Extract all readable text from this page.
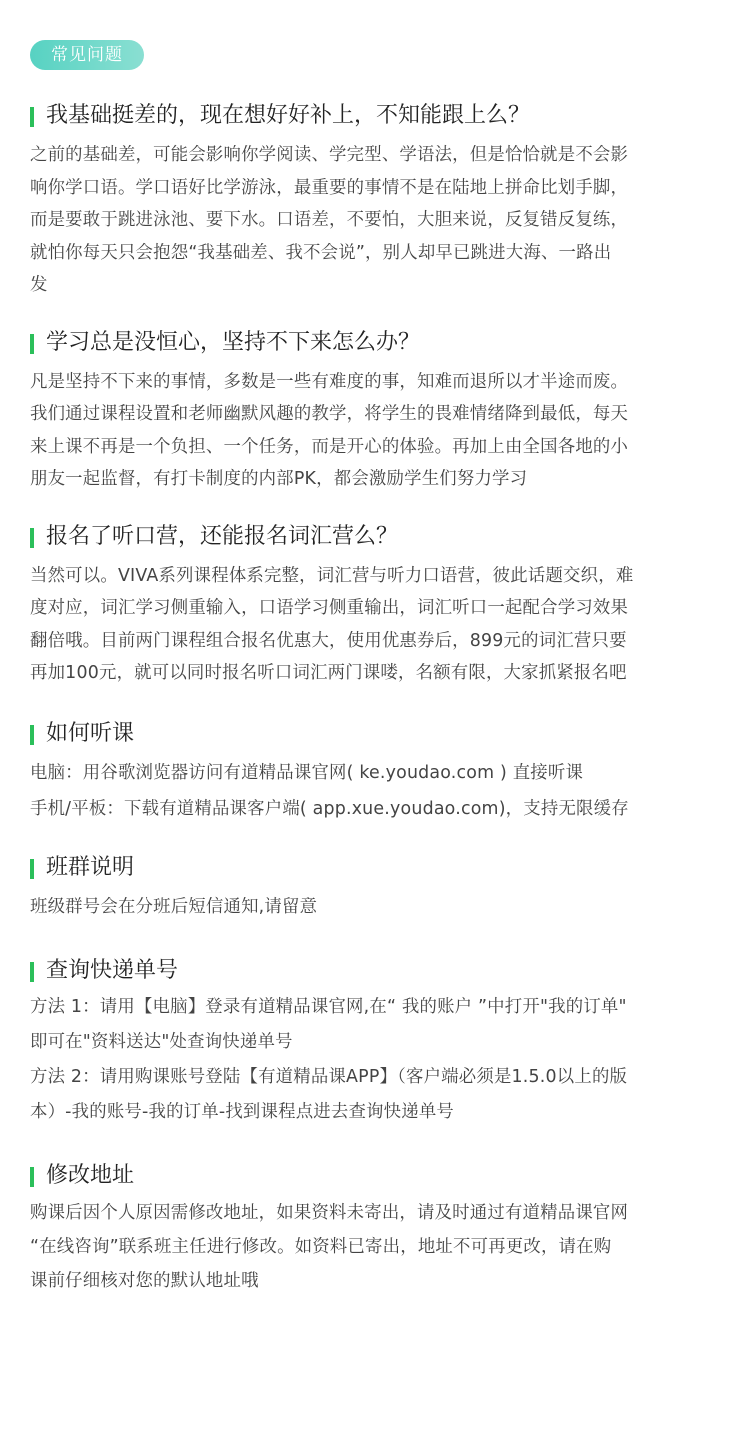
常见问题
我基础挺差的，现在想好好补上，不知能跟上么？

之前的基础差，可能会影响你学阅读、学完型、学语法，但是恰恰就是不会影
响你学口语。学口语好比学游泳，最重要的事情不是在陆地上拼命比划手脚，
而是要敢于跳进泳池、要下水。口语差，不要怕，大胆来说，反复错反复练，
就怕你每天只会抱怨“我基础差、我不会说”，别人却早已跳进大海、一路出
发

学习总是没恒心，坚持不下来怎么办？

凡是坚持不下来的事情，多数是一些有难度的事，知难而退所以才半途而废。
我们通过课程设置和老师幽默风趣的教学，将学生的畏难情绪降到最低，每天
来上课不再是一个负担、一个任务，而是开心的体验。再加上由全国各地的小
朋友一起监督，有打卡制度的内部PK，都会激励学生们努力学习

报名了听口营，还能报名词汇营么？

当然可以。VIVA系列课程体系完整，词汇营与听力口语营，彼此话题交织，难
度对应，词汇学习侧重输入，口语学习侧重输出，词汇听口一起配合学习效果
翻倍哦。目前两门课程组合报名优惠大，使用优惠券后，899元的词汇营只要
再加100元，就可以同时报名听口词汇两门课喽，名额有限，大家抓紧报名吧

如何听课

电脑：用谷歌浏览器访问有道精品课官网( ke.youdao.com ) 直接听课
手机/平板：下载有道精品课客户端( app.xue.youdao.com)，支持无限缓存

班群说明

班级群号会在分班后短信通知,请留意

查询快递单号

方法 1：请用【电脑】登录有道精品课官网,在“ 我的账户 ”中打开"我的订单"
即可在"资料送达"处查询快递单号
方法 2：请用购课账号登陆【有道精品课APP】（客户端必须是1.5.0以上的版
本）-我的账号-我的订单-找到课程点进去查询快递单号

修改地址

购课后因个人原因需修改地址，如果资料未寄出，请及时通过有道精品课官网
“在线咨询”联系班主任进行修改。如资料已寄出，地址不可再更改，请在购
课前仔细核对您的默认地址哦
